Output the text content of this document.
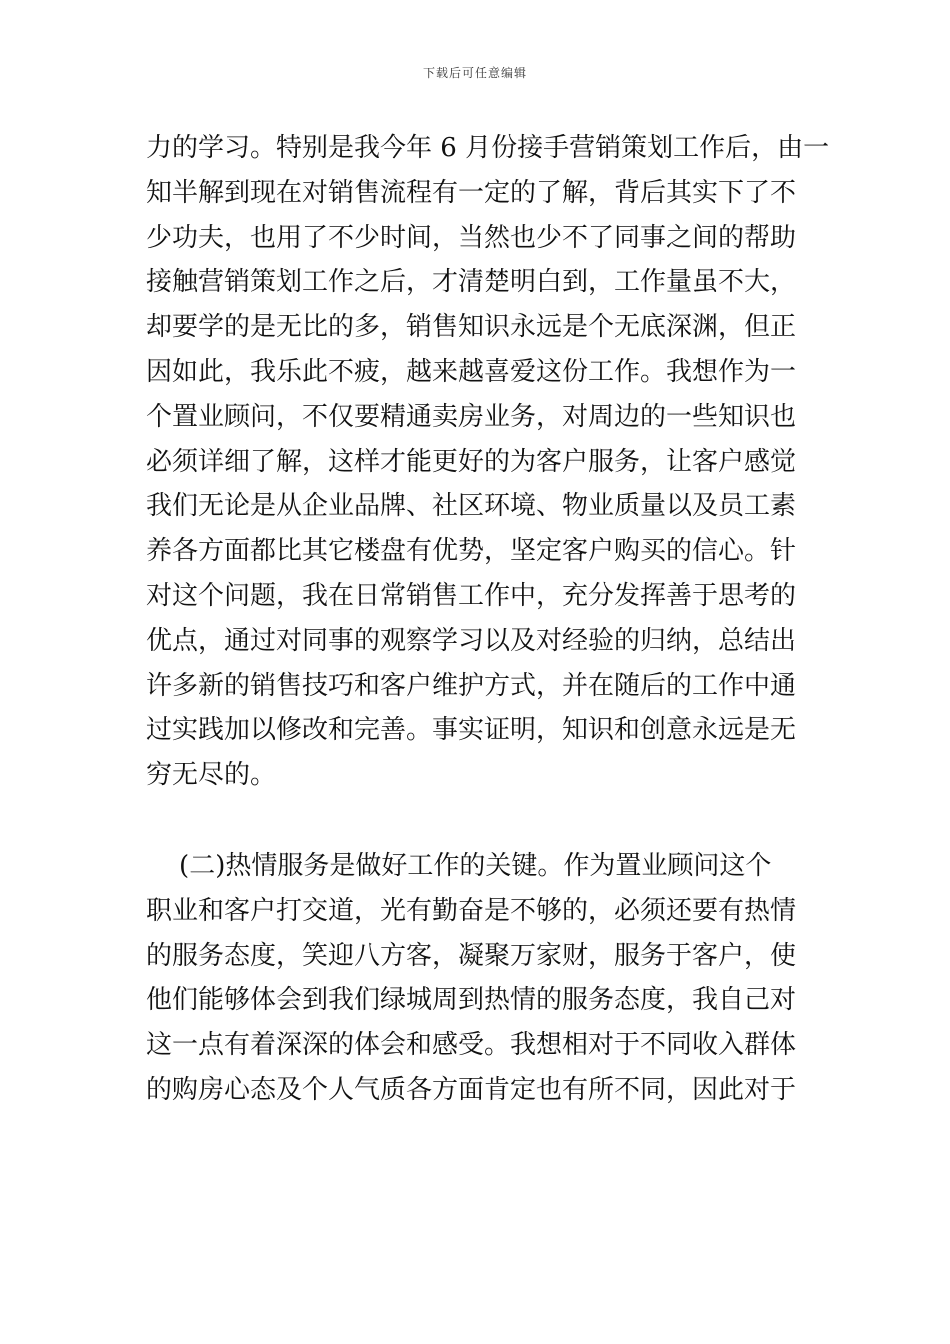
下载后可任意编辑
力的学习。特别是我今年 6 月份接手营销策划工作后，由一
知半解到现在对销售流程有一定的了解，背后其实下了不
少功夫，也用了不少时间，当然也少不了同事之间的帮助
接触营销策划工作之后，才清楚明白到，工作量虽不大，
却要学的是无比的多，销售知识永远是个无底深渊，但正
因如此，我乐此不疲，越来越喜爱这份工作。我想作为一
个置业顾问，不仅要精通卖房业务，对周边的一些知识也
必须详细了解，这样才能更好的为客户服务，让客户感觉
我们无论是从企业品牌、社区环境、物业质量以及员工素
养各方面都比其它楼盘有优势，坚定客户购买的信心。针
对这个问题，我在日常销售工作中，充分发挥善于思考的
优点，通过对同事的观察学习以及对经验的归纳，总结出
许多新的销售技巧和客户维护方式，并在随后的工作中通
过实践加以修改和完善。事实证明，知识和创意永远是无
穷无尽的。
(二)热情服务是做好工作的关键。作为置业顾问这个
职业和客户打交道，光有勤奋是不够的，必须还要有热情
的服务态度，笑迎八方客，凝聚万家财，服务于客户，使
他们能够体会到我们绿城周到热情的服务态度，我自己对
这一点有着深深的体会和感受。我想相对于不同收入群体
的购房心态及个人气质各方面肯定也有所不同，因此对于
